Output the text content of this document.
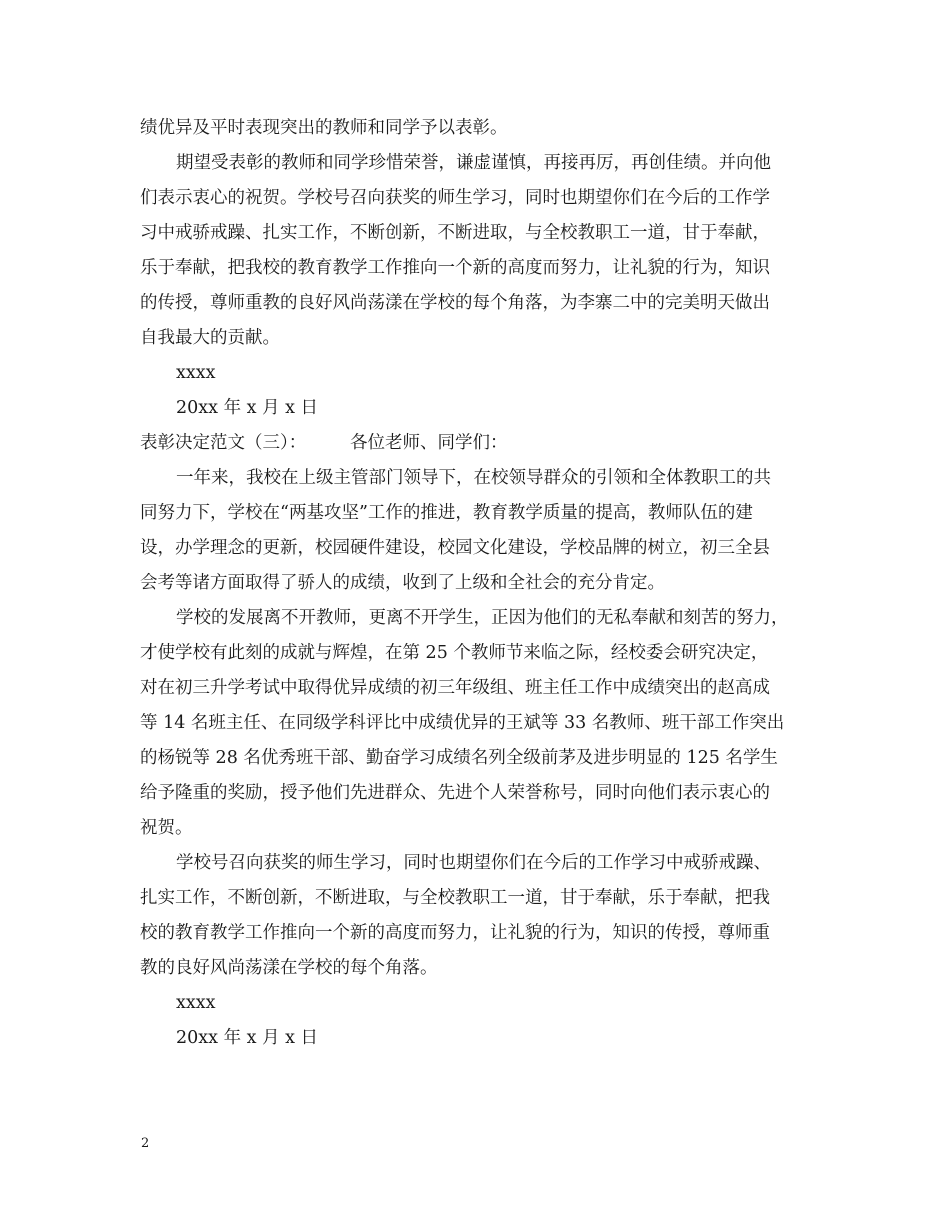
绩优异及平时表现突出的教师和同学予以表彰。
期望受表彰的教师和同学珍惜荣誉，谦虚谨慎，再接再厉，再创佳绩。并向他
们表示衷心的祝贺。学校号召向获奖的师生学习，同时也期望你们在今后的工作学
习中戒骄戒躁、扎实工作，不断创新，不断进取，与全校教职工一道，甘于奉献，
乐于奉献，把我校的教育教学工作推向一个新的高度而努力，让礼貌的行为，知识
的传授，尊师重教的良好风尚荡漾在学校的每个角落，为李寨二中的完美明天做出
自我最大的贡献。
xxxx
20xx 年 x 月 x 日
表彰决定范文（三）：　　　各位老师、同学们：
一年来，我校在上级主管部门领导下，在校领导群众的引领和全体教职工的共
同努力下，学校在“两基攻坚”工作的推进，教育教学质量的提高，教师队伍的建
设，办学理念的更新，校园硬件建设，校园文化建设，学校品牌的树立，初三全县
会考等诸方面取得了骄人的成绩，收到了上级和全社会的充分肯定。
学校的发展离不开教师，更离不开学生，正因为他们的无私奉献和刻苦的努力，
才使学校有此刻的成就与辉煌，在第 25 个教师节来临之际，经校委会研究决定，
对在初三升学考试中取得优异成绩的初三年级组、班主任工作中成绩突出的赵高成
等 14 名班主任、在同级学科评比中成绩优异的王斌等 33 名教师、班干部工作突出
的杨锐等 28 名优秀班干部、勤奋学习成绩名列全级前茅及进步明显的 125 名学生
给予隆重的奖励，授予他们先进群众、先进个人荣誉称号，同时向他们表示衷心的
祝贺。
学校号召向获奖的师生学习，同时也期望你们在今后的工作学习中戒骄戒躁、
扎实工作，不断创新，不断进取，与全校教职工一道，甘于奉献，乐于奉献，把我
校的教育教学工作推向一个新的高度而努力，让礼貌的行为，知识的传授，尊师重
教的良好风尚荡漾在学校的每个角落。
xxxx
20xx 年 x 月 x 日
2
